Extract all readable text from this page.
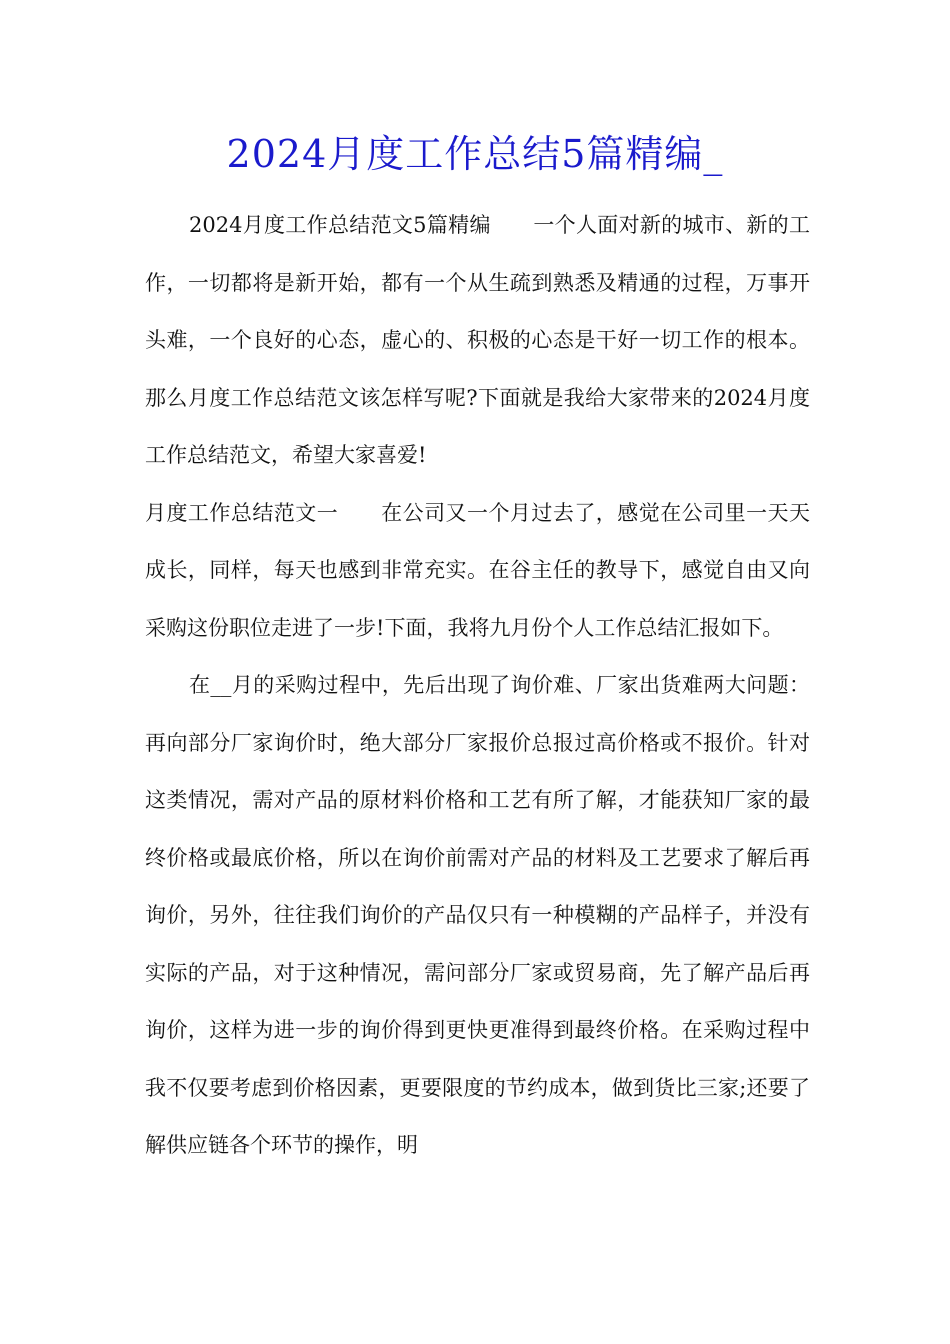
2024月度工作总结5篇精编_

2024月度工作总结范文5篇精编　　一个人面对新的城市、新的工作，一切都将是新开始，都有一个从生疏到熟悉及精通的过程，万事开头难，一个良好的心态，虚心的、积极的心态是干好一切工作的根本。那么月度工作总结范文该怎样写呢?下面就是我给大家带来的2024月度工作总结范文，希望大家喜爱!

月度工作总结范文一　　在公司又一个月过去了，感觉在公司里一天天成长，同样，每天也感到非常充实。在谷主任的教导下，感觉自由又向采购这份职位走进了一步!下面，我将九月份个人工作总结汇报如下。

在__月的采购过程中，先后出现了询价难、厂家出货难两大问题：再向部分厂家询价时，绝大部分厂家报价总报过高价格或不报价。针对这类情况，需对产品的原材料价格和工艺有所了解，才能获知厂家的最终价格或最底价格，所以在询价前需对产品的材料及工艺要求了解后再询价，另外，往往我们询价的产品仅只有一种模糊的产品样子，并没有实际的产品，对于这种情况，需问部分厂家或贸易商，先了解产品后再询价，这样为进一步的询价得到更快更准得到最终价格。在采购过程中我不仅要考虑到价格因素，更要限度的节约成本，做到货比三家;还要了解供应链各个环节的操作，明
